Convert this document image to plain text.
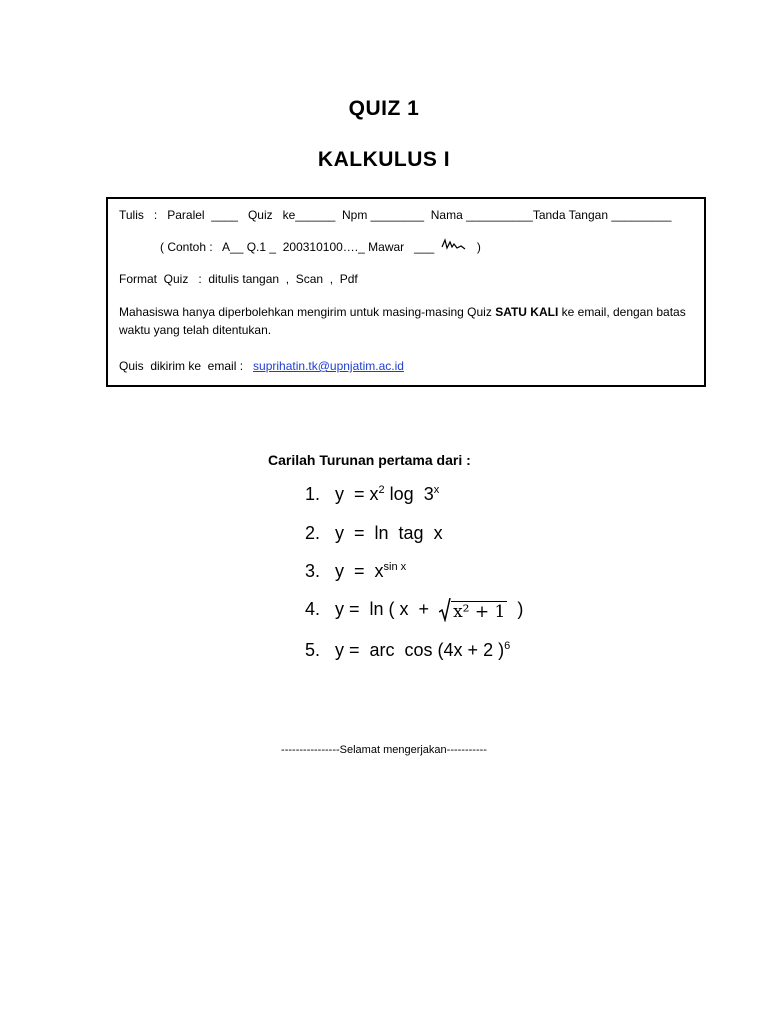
QUIZ 1
KALKULUS I
Tulis   :   Paralel  ____   Quiz   ke______  Npm ________  Nama __________Tanda Tangan _________
( Contoh :   A__ Q.1 _  200310100…._ Mawar   ___	)
Format  Quiz   :  ditulis tangan  ,  Scan  ,  Pdf
Mahasiswa hanya diperbolehkan mengirim untuk masing-masing Quiz SATU KALI ke email, dengan batas waktu yang telah ditentukan.
Quis  dikirim ke  email :   suprihatin.tk@upnjatim.ac.id
Carilah Turunan pertama dari :
1.   $y = x^2$ log  3$^x$
2.   y  =  ln  tag  x
3.   $y = x^{sin x}$
4.   y =  ln ( x  +  x² + 1  )
5.   y =  arc  cos (4x + 2 )$^6$
----------------Selamat mengerjakan-----------
